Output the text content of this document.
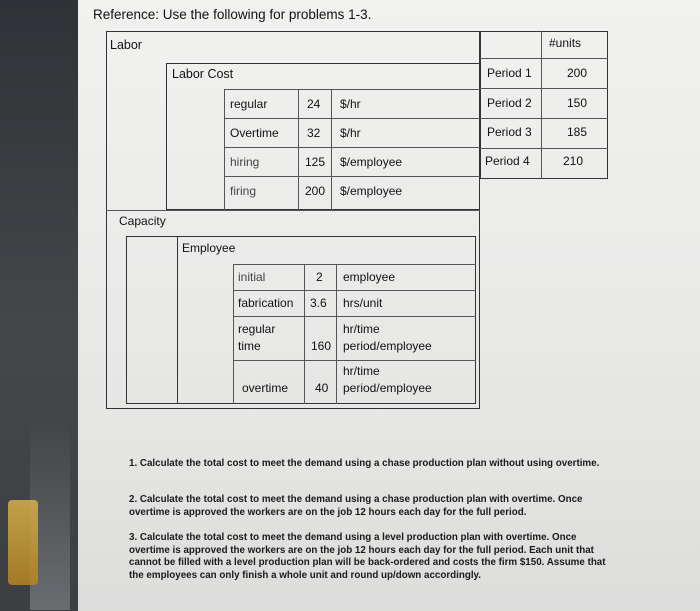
Reference: Use the following for problems 1-3.
Labor
Labor Cost
regular	24 $/hr
Overtime 32 $/hr
hiring	125 $/employee
firing	200 $/employee
Capacity
Employee
initial	2 employee
fabrication 3.6 hrs/unit
regular
time	160
hr/time
period/employee
overtime 40
hr/time
period/employee
#units
Period 1	200
Period 2	150
Period 3	185
Period 4	210
1. Calculate the total cost to meet the demand using a chase production plan without using overtime.
2. Calculate the total cost to meet the demand using a chase production plan with overtime. Once overtime is approved the workers are on the job 12 hours each day for the full period.
3. Calculate the total cost to meet the demand using a level production plan with overtime. Once overtime is approved the workers are on the job 12 hours each day for the full period. Each unit that cannot be filled with a level production plan will be back-ordered and costs the firm $150. Assume that the employees can only finish a whole unit and round up/down accordingly.
